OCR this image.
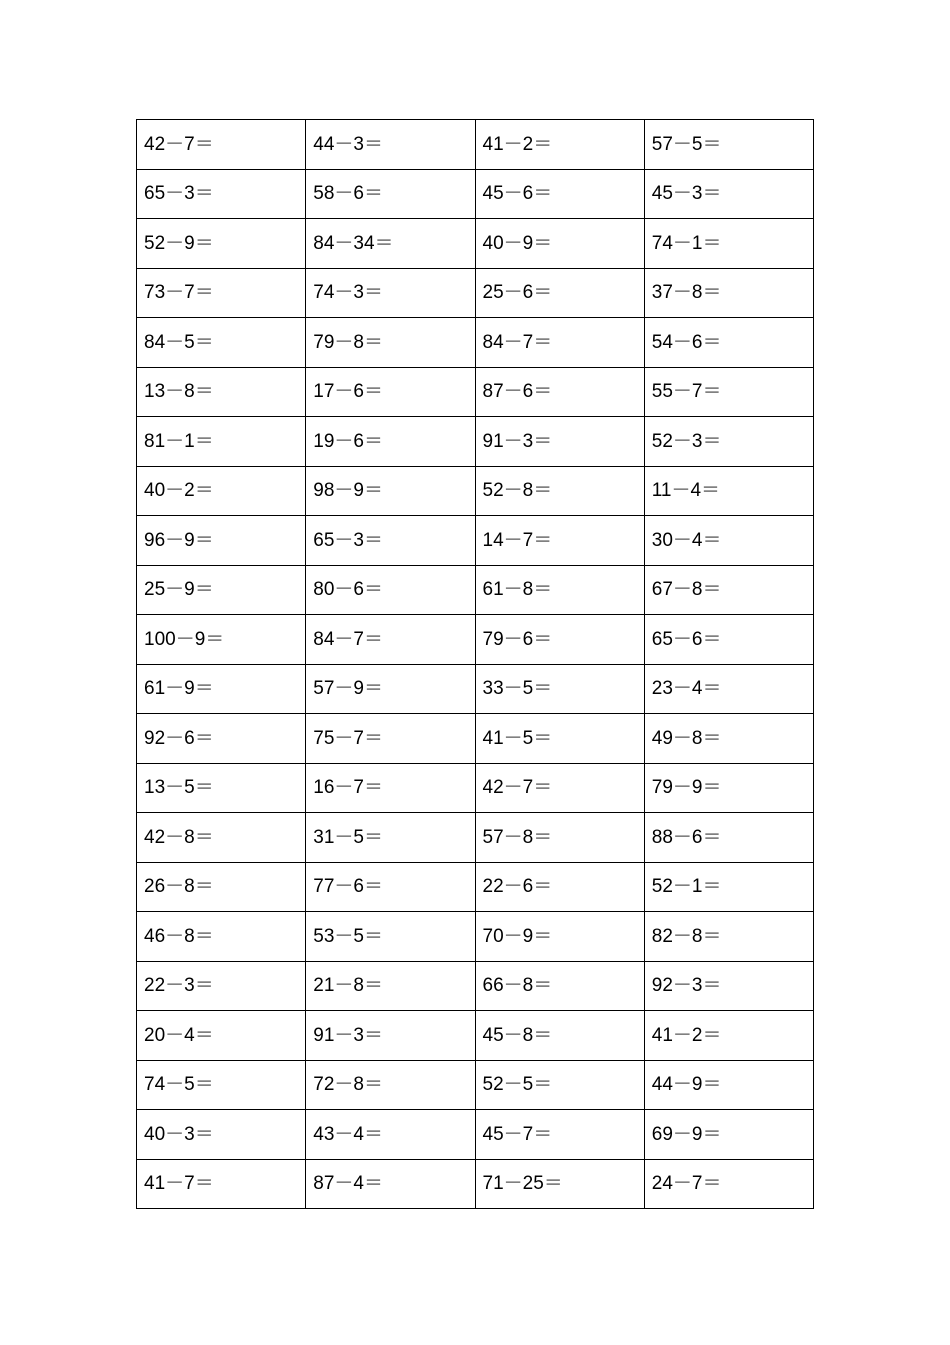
42－7＝	44－3＝	41－2＝	57－5＝
65－3＝	58－6＝	45－6＝	45－3＝
52－9＝	84－34＝	40－9＝	74－1＝
73－7＝	74－3＝	25－6＝	37－8＝
84－5＝	79－8＝	84－7＝	54－6＝
13－8＝	17－6＝	87－6＝	55－7＝
81－1＝	19－6＝	91－3＝	52－3＝
40－2＝	98－9＝	52－8＝	11－4＝
96－9＝	65－3＝	14－7＝	30－4＝
25－9＝	80－6＝	61－8＝	67－8＝
100－9＝	84－7＝	79－6＝	65－6＝
61－9＝	57－9＝	33－5＝	23－4＝
92－6＝	75－7＝	41－5＝	49－8＝
13－5＝	16－7＝	42－7＝	79－9＝
42－8＝	31－5＝	57－8＝	88－6＝
26－8＝	77－6＝	22－6＝	52－1＝
46－8＝	53－5＝	70－9＝	82－8＝
22－3＝	21－8＝	66－8＝	92－3＝
20－4＝	91－3＝	45－8＝	41－2＝
74－5＝	72－8＝	52－5＝	44－9＝
40－3＝	43－4＝	45－7＝	69－9＝
41－7＝	87－4＝	71－25＝	24－7＝
